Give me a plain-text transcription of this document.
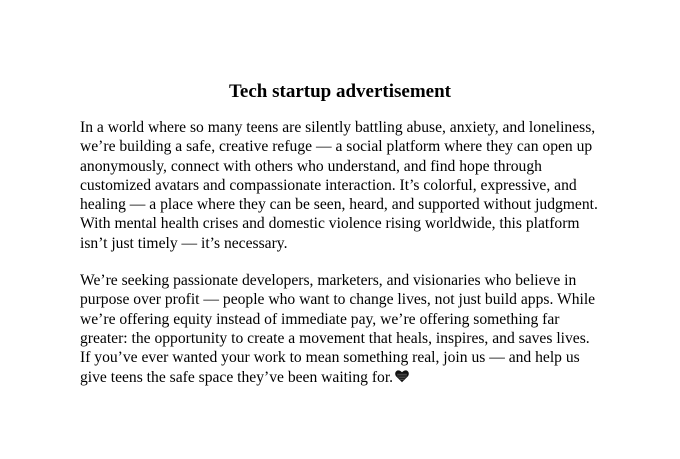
Tech startup advertisement

In a world where so many teens are silently battling abuse, anxiety, and loneliness,
we’re building a safe, creative refuge — a social platform where they can open up
anonymously, connect with others who understand, and find hope through
customized avatars and compassionate interaction. It’s colorful, expressive, and
healing — a place where they can be seen, heard, and supported without judgment.
With mental health crises and domestic violence rising worldwide, this platform
isn’t just timely — it’s necessary.

We’re seeking passionate developers, marketers, and visionaries who believe in
purpose over profit — people who want to change lives, not just build apps. While
we’re offering equity instead of immediate pay, we’re offering something far
greater: the opportunity to create a movement that heals, inspires, and saves lives.
If you’ve ever wanted your work to mean something real, join us — and help us
give teens the safe space they’ve been waiting for.
